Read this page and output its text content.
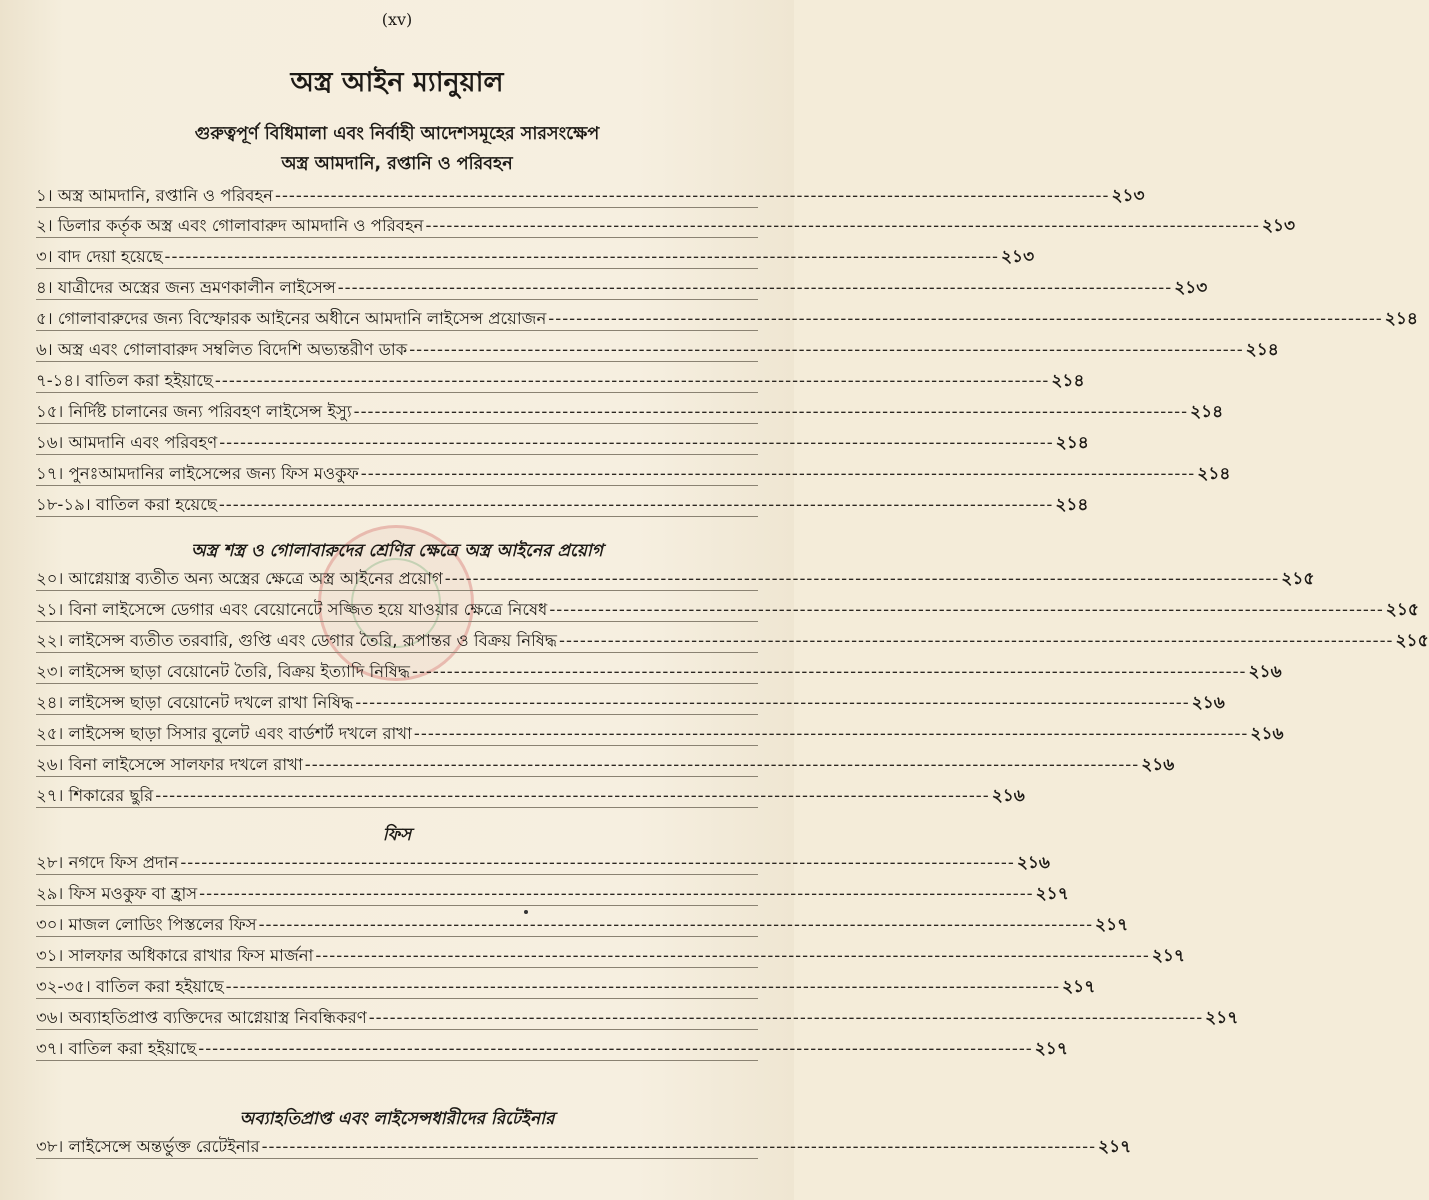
(xv)
অস্ত্র আইন ম্যানুয়াল
গুরুত্বপূর্ণ বিধিমালা এবং নির্বাহী আদেশসমূহের সারসংক্ষেপ
অস্ত্র আমদানি, রপ্তানি ও পরিবহন
অস্ত্র শস্ত্র ও গোলাবারুদের শ্রেণির ক্ষেত্রে অস্ত্র আইনের প্রয়োগ
ফিস
অব্যাহতিপ্রাপ্ত এবং লাইসেন্সধারীদের রিটেইনার
১। অস্ত্র আমদানি, রপ্তানি ও পরিবহন ------------------------------------------------------------------------------------------------------------------------ ২১৩
২। ডিলার কর্তৃক অস্ত্র এবং গোলাবারুদ আমদানি ও পরিবহন ------------------------------------------------------------------------------------------------------------------------ ২১৩
৩। বাদ দেয়া হয়েছে ------------------------------------------------------------------------------------------------------------------------ ২১৩
৪। যাত্রীদের অস্ত্রের জন্য ভ্রমণকালীন লাইসেন্স ------------------------------------------------------------------------------------------------------------------------ ২১৩
৫। গোলাবারুদের জন্য বিস্ফোরক আইনের অধীনে আমদানি লাইসেন্স প্রয়োজন ------------------------------------------------------------------------------------------------------------------------ ২১৪
৬। অস্ত্র এবং গোলাবারুদ সম্বলিত বিদেশি অভ্যন্তরীণ ডাক ------------------------------------------------------------------------------------------------------------------------ ২১৪
৭-১৪। বাতিল করা হইয়াছে ------------------------------------------------------------------------------------------------------------------------ ২১৪
১৫। নির্দিষ্ট চালানের জন্য পরিবহণ লাইসেন্স ইস্যু ------------------------------------------------------------------------------------------------------------------------ ২১৪
১৬। আমদানি এবং পরিবহণ ------------------------------------------------------------------------------------------------------------------------ ২১৪
১৭। পুনঃআমদানির লাইসেন্সের জন্য ফিস মওকুফ ------------------------------------------------------------------------------------------------------------------------ ২১৪
১৮-১৯। বাতিল করা হয়েছে ------------------------------------------------------------------------------------------------------------------------ ২১৪
২০। আগ্নেয়াস্ত্র ব্যতীত অন্য অস্ত্রের ক্ষেত্রে অস্ত্র আইনের প্রয়োগ ------------------------------------------------------------------------------------------------------------------------ ২১৫
২১। বিনা লাইসেন্সে ডেগার এবং বেয়োনেটে সজ্জিত হয়ে যাওয়ার ক্ষেত্রে নিষেধ ------------------------------------------------------------------------------------------------------------------------ ২১৫
২২। লাইসেন্স ব্যতীত তরবারি, গুপ্তি এবং ডেগার তৈরি, রূপান্তর ও বিক্রয় নিষিদ্ধ ------------------------------------------------------------------------------------------------------------------------ ২১৫
২৩। লাইসেন্স ছাড়া বেয়োনেট তৈরি, বিক্রয় ইত্যাদি নিষিদ্ধ ------------------------------------------------------------------------------------------------------------------------ ২১৬
২৪। লাইসেন্স ছাড়া বেয়োনেট দখলে রাখা নিষিদ্ধ ------------------------------------------------------------------------------------------------------------------------ ২১৬
২৫। লাইসেন্স ছাড়া সিসার বুলেট এবং বার্ডশর্ট দখলে রাখা ------------------------------------------------------------------------------------------------------------------------ ২১৬
২৬। বিনা লাইসেন্সে সালফার দখলে রাখা ------------------------------------------------------------------------------------------------------------------------ ২১৬
২৭। শিকারের ছুরি ------------------------------------------------------------------------------------------------------------------------ ২১৬
২৮। নগদে ফিস প্রদান ------------------------------------------------------------------------------------------------------------------------ ২১৬
২৯। ফিস মওকুফ বা হ্রাস ------------------------------------------------------------------------------------------------------------------------ ২১৭
৩০। মাজল লোডিং পিস্তলের ফিস ------------------------------------------------------------------------------------------------------------------------ ২১৭
৩১। সালফার অধিকারে রাখার ফিস মার্জনা ------------------------------------------------------------------------------------------------------------------------ ২১৭
৩২-৩৫। বাতিল করা হইয়াছে ------------------------------------------------------------------------------------------------------------------------ ২১৭
৩৬। অব্যাহতিপ্রাপ্ত ব্যক্তিদের আগ্নেয়াস্ত্র নিবন্ধিকরণ ------------------------------------------------------------------------------------------------------------------------ ২১৭
৩৭। বাতিল করা হইয়াছে ------------------------------------------------------------------------------------------------------------------------ ২১৭
৩৮। লাইসেন্সে অন্তর্ভুক্ত রেটেইনার ------------------------------------------------------------------------------------------------------------------------ ২১৭
